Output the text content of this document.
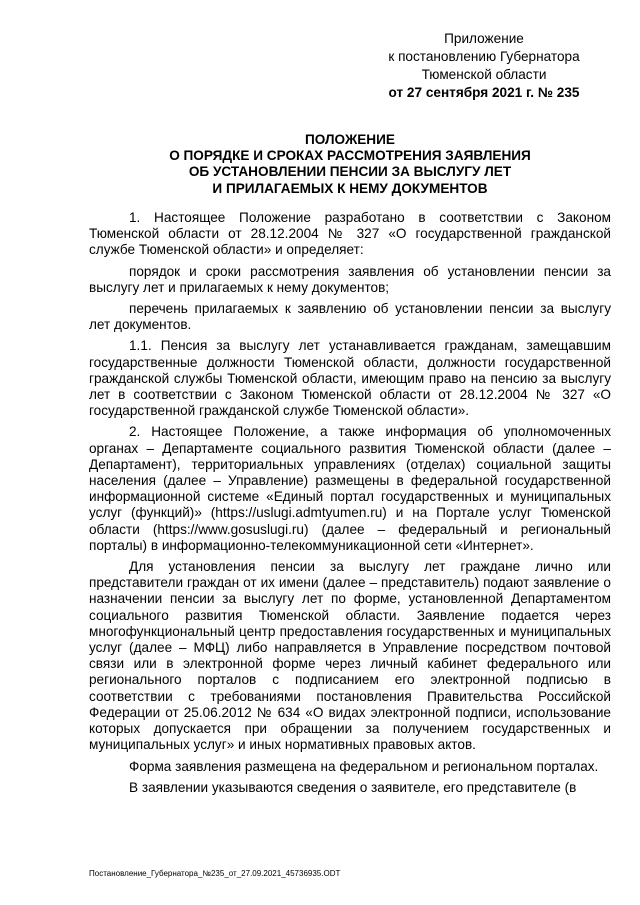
Приложение
к постановлению Губернатора
Тюменской области
от 27 сентября 2021 г. № 235
ПОЛОЖЕНИЕ
О ПОРЯДКЕ И СРОКАХ РАССМОТРЕНИЯ ЗАЯВЛЕНИЯ
ОБ УСТАНОВЛЕНИИ ПЕНСИИ ЗА ВЫСЛУГУ ЛЕТ
И ПРИЛАГАЕМЫХ К НЕМУ ДОКУМЕНТОВ

1. Настоящее Положение разработано в соответствии с Законом Тюменской области от 28.12.2004 № 327 «О государственной гражданской службе Тюменской области» и определяет:

порядок и сроки рассмотрения заявления об установлении пенсии за выслугу лет и прилагаемых к нему документов;

перечень прилагаемых к заявлению об установлении пенсии за выслугу лет документов.

1.1. Пенсия за выслугу лет устанавливается гражданам, замещавшим государственные должности Тюменской области, должности государственной гражданской службы Тюменской области, имеющим право на пенсию за выслугу лет в соответствии с Законом Тюменской области от 28.12.2004 № 327 «О государственной гражданской службе Тюменской области».

2. Настоящее Положение, а также информация об уполномоченных органах – Департаменте социального развития Тюменской области (далее – Департамент), территориальных управлениях (отделах) социальной защиты населения (далее – Управление) размещены в федеральной государственной информационной системе «Единый портал государственных и муниципальных услуг (функций)» (https://uslugi.admtyumen.ru) и на Портале услуг Тюменской области (https://www.gosuslugi.ru) (далее – федеральный и региональный порталы) в информационно-телекоммуникационной сети «Интернет».

Для установления пенсии за выслугу лет граждане лично или представители граждан от их имени (далее – представитель) подают заявление о назначении пенсии за выслугу лет по форме, установленной Департаментом социального развития Тюменской области. Заявление подается через многофункциональный центр предоставления государственных и муниципальных услуг (далее – МФЦ) либо направляется в Управление посредством почтовой связи или в электронной форме через личный кабинет федерального или регионального порталов с подписанием его электронной подписью в соответствии с требованиями постановления Правительства Российской Федерации от 25.06.2012 № 634 «О видах электронной подписи, использование которых допускается при обращении за получением государственных и муниципальных услуг» и иных нормативных правовых актов.

Форма заявления размещена на федеральном и региональном порталах.

В заявлении указываются сведения о заявителе, его представителе (в

Постановление_Губернатора_№235_от_27.09.2021_45736935.ODT
